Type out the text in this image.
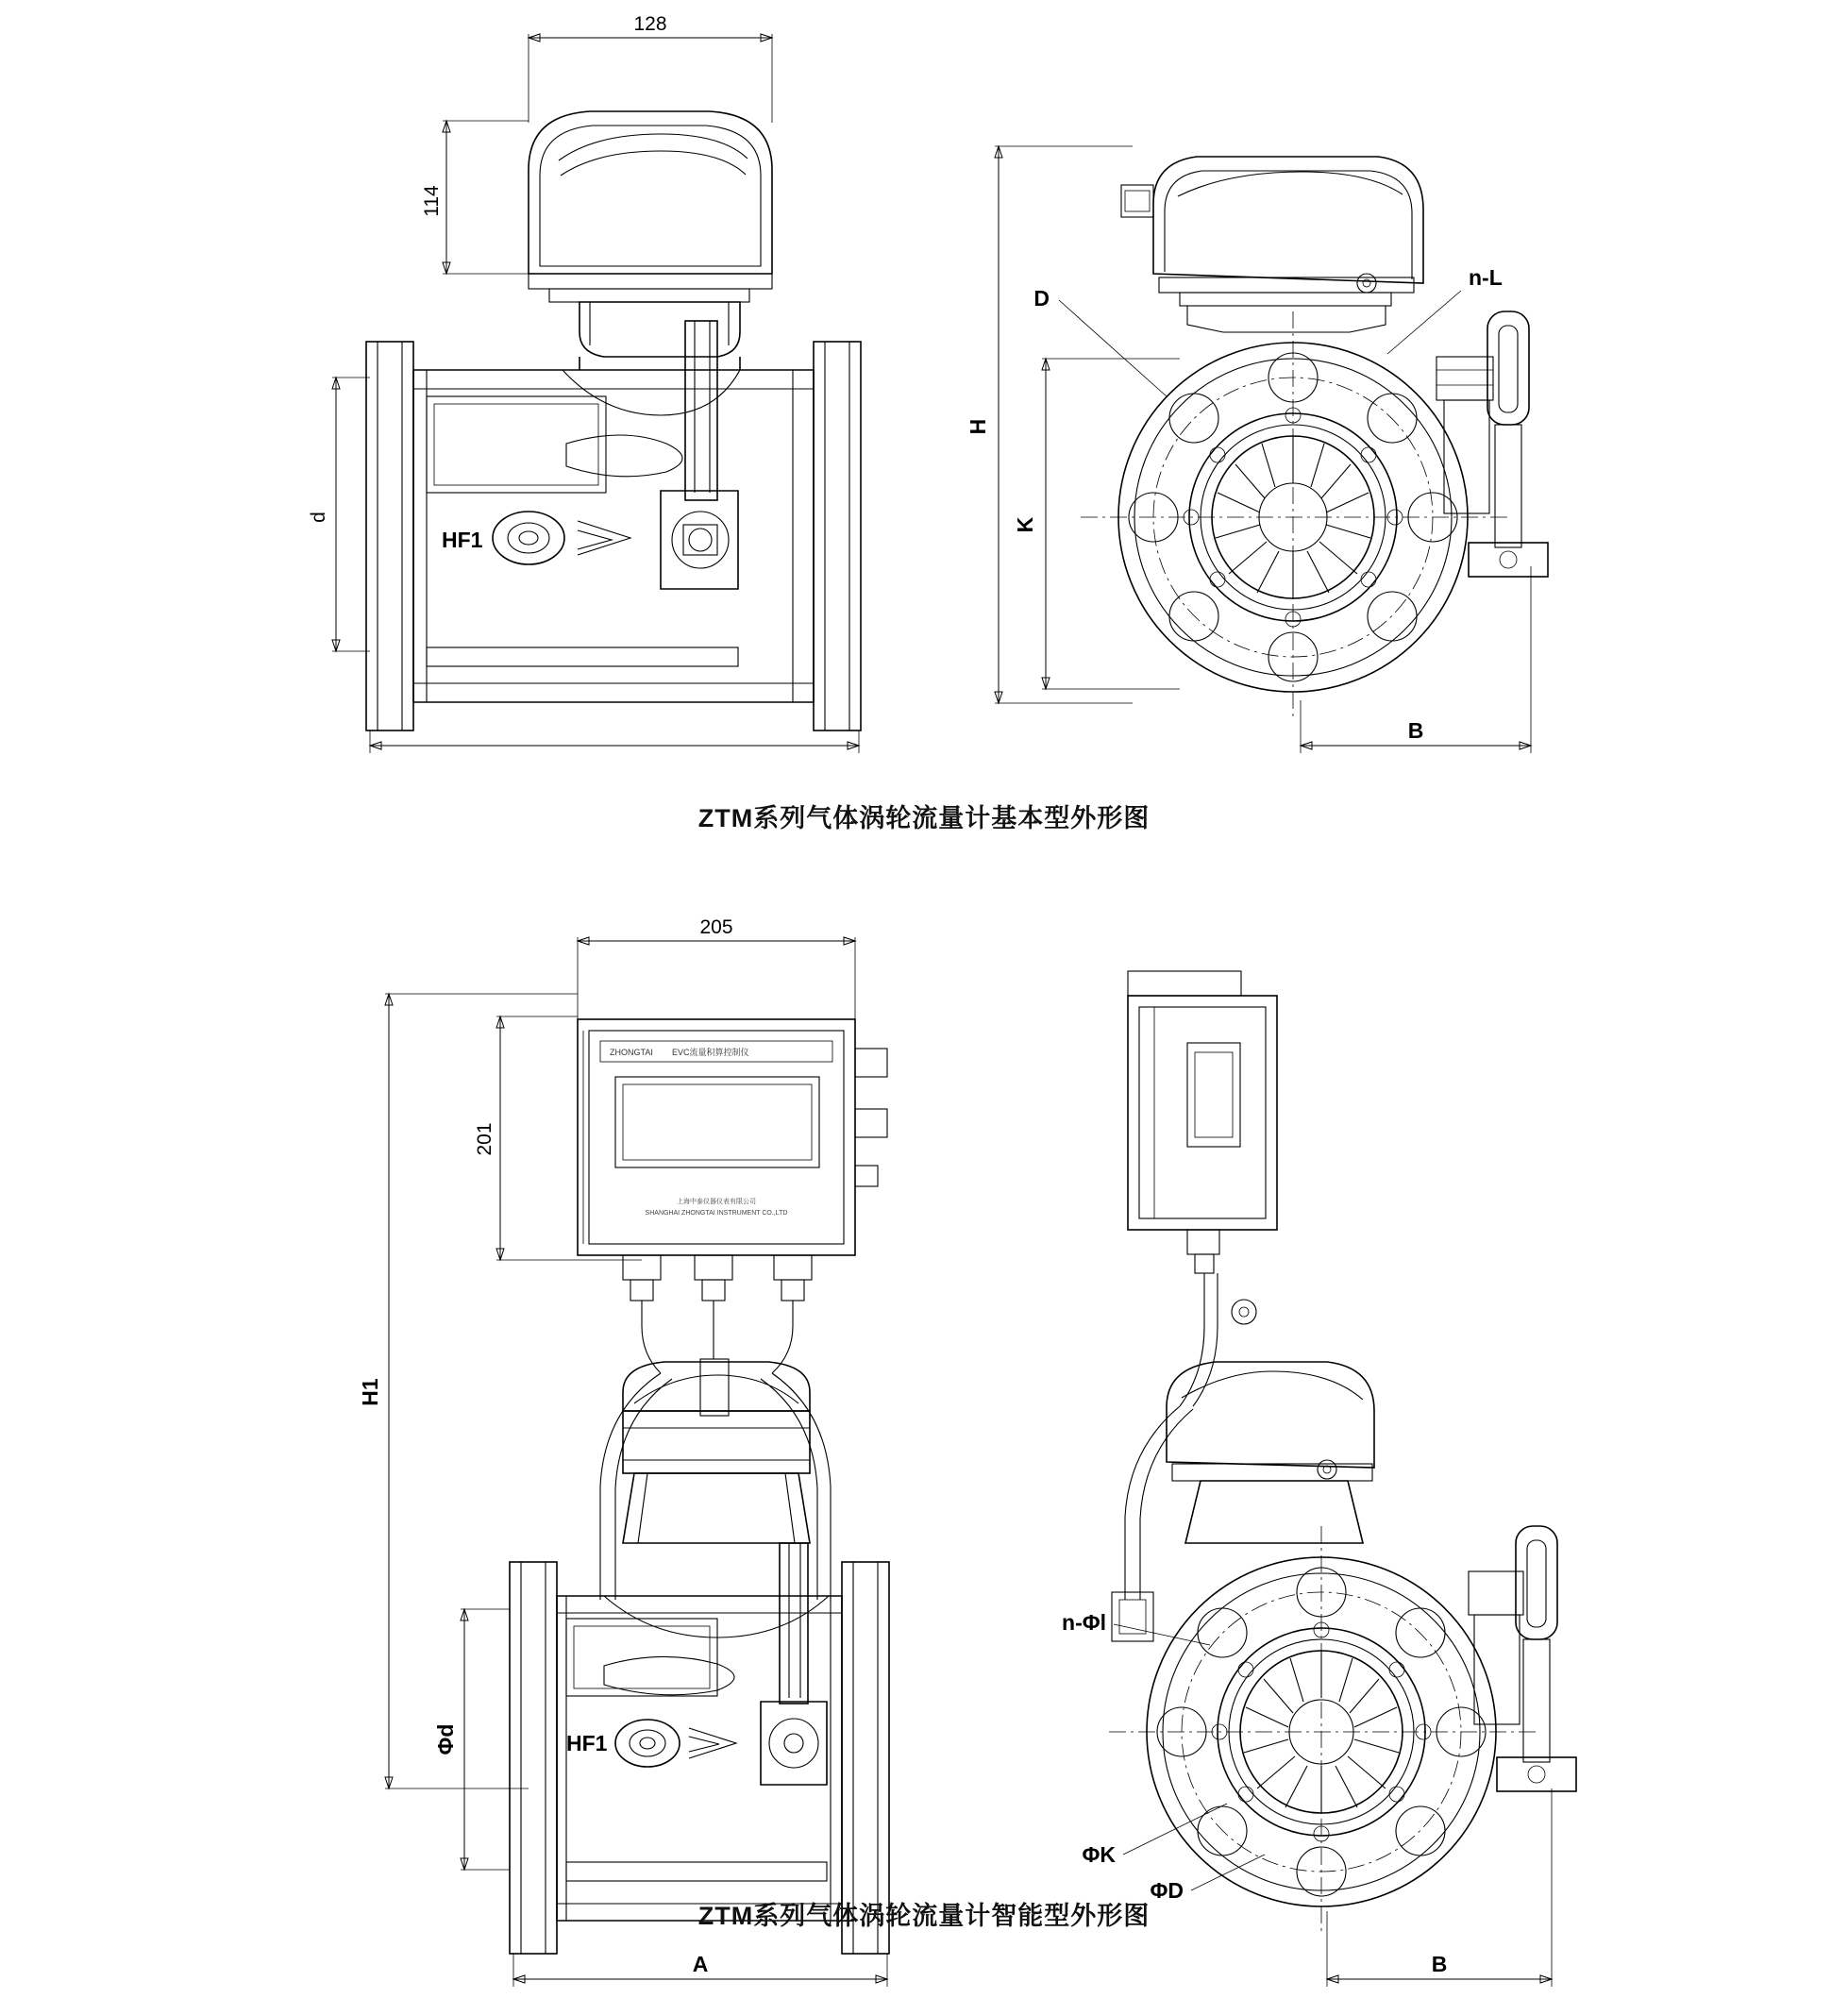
128
114
HF1
d
H
K
D
n-L
B
ZTM系列气体涡轮流量计基本型外形图
205
201
H1
ZHONGTAI EVC流量积算控制仪
上海中泰仪器仪表有限公司
SHANGHAI ZHONGTAI INSTRUMENT CO.,LTD
HF1
Φd
A
n-Φl
ΦK
ΦD
B
ZTM系列气体涡轮流量计智能型外形图
